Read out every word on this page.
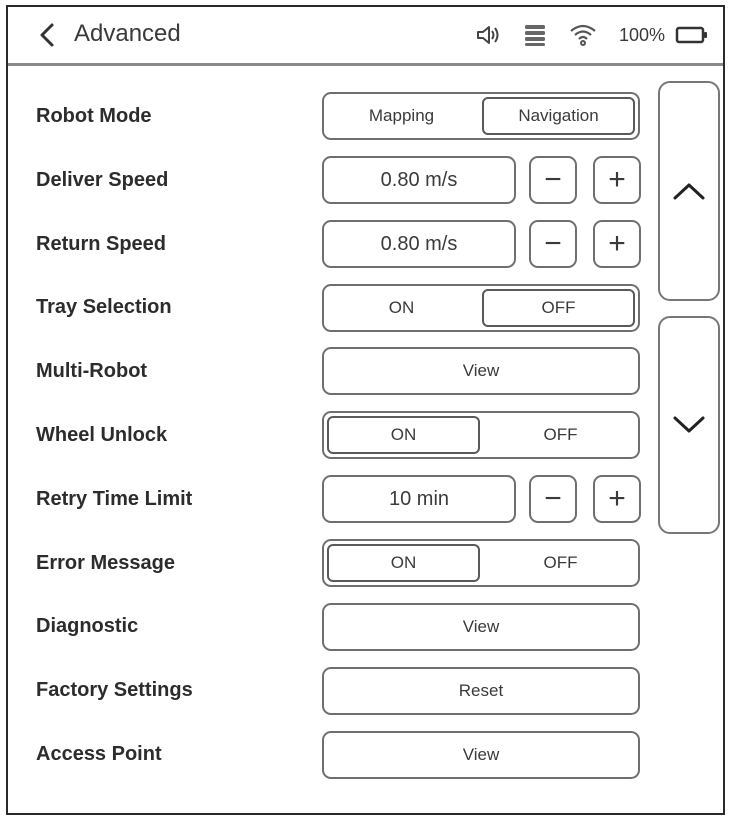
Advanced	100%
Robot Mode	Mapping	Navigation
Deliver Speed	0.80 m/s	−	+
Return Speed	0.80 m/s	−	+
Tray Selection	ON	OFF
Multi-Robot	View
Wheel Unlock	ON	OFF
Retry Time Limit	10 min	−	+
Error Message	ON	OFF
Diagnostic	View
Factory Settings	Reset
Access Point	View
